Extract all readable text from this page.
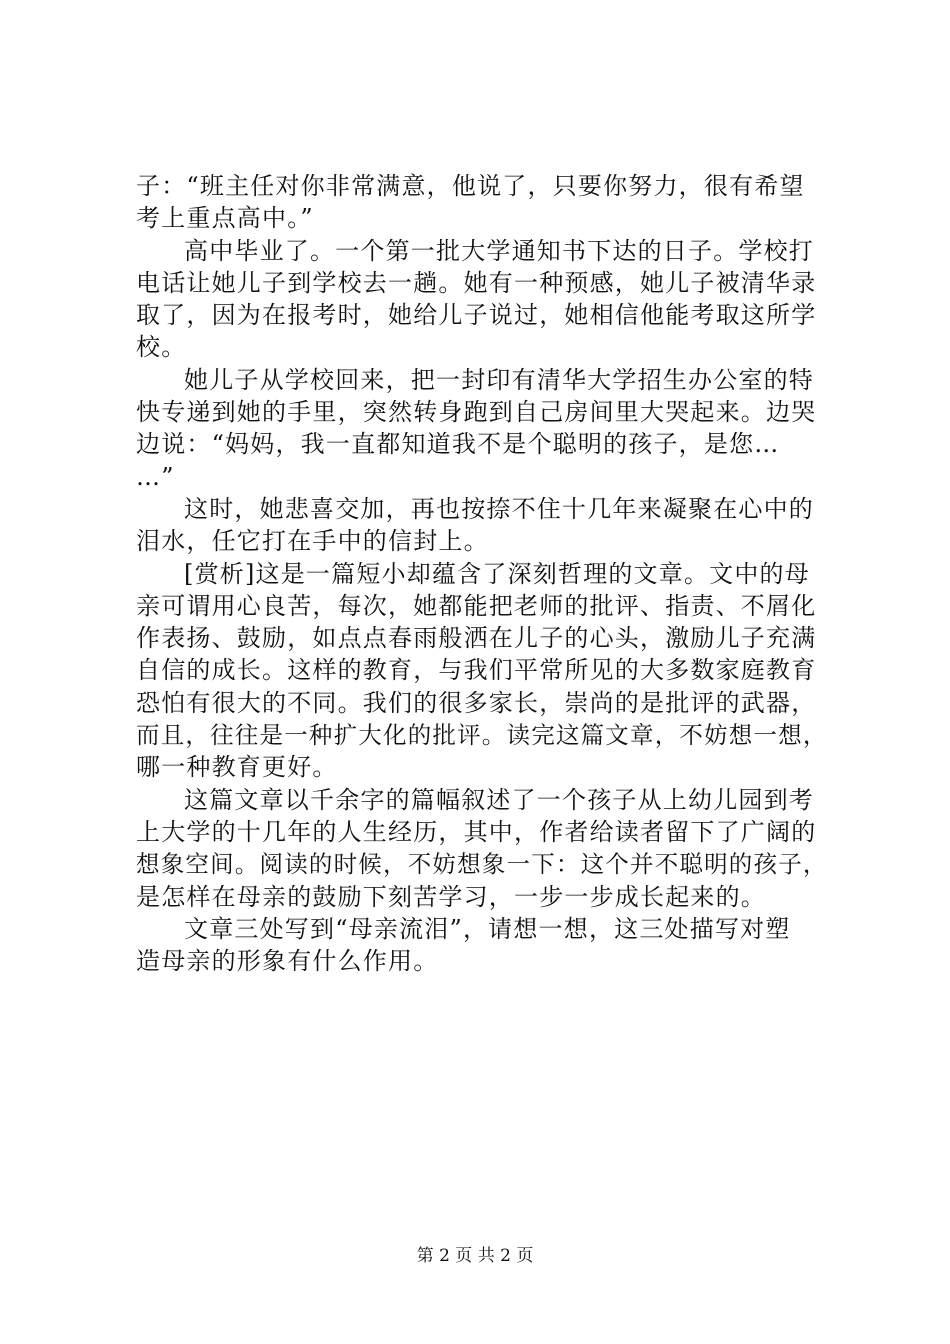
子：“班主任对你非常满意，他说了，只要你努力，很有希望
考上重点高中。”
高中毕业了。一个第一批大学通知书下达的日子。学校打
电话让她儿子到学校去一趟。她有一种预感，她儿子被清华录
取了，因为在报考时，她给儿子说过，她相信他能考取这所学
校。
她儿子从学校回来，把一封印有清华大学招生办公室的特
快专递到她的手里，突然转身跑到自己房间里大哭起来。边哭
边说：“妈妈，我一直都知道我不是个聪明的孩子，是您…
…”
这时，她悲喜交加，再也按捺不住十几年来凝聚在心中的
泪水，任它打在手中的信封上。
[赏析]这是一篇短小却蕴含了深刻哲理的文章。文中的母
亲可谓用心良苦，每次，她都能把老师的批评、指责、不屑化
作表扬、鼓励，如点点春雨般洒在儿子的心头，激励儿子充满
自信的成长。这样的教育，与我们平常所见的大多数家庭教育
恐怕有很大的不同。我们的很多家长，崇尚的是批评的武器，
而且，往往是一种扩大化的批评。读完这篇文章，不妨想一想，
哪一种教育更好。
这篇文章以千余字的篇幅叙述了一个孩子从上幼儿园到考
上大学的十几年的人生经历，其中，作者给读者留下了广阔的
想象空间。阅读的时候，不妨想象一下：这个并不聪明的孩子，
是怎样在母亲的鼓励下刻苦学习，一步一步成长起来的。
文章三处写到“母亲流泪”，请想一想，这三处描写对塑
造母亲的形象有什么作用。
第 2 页 共 2 页
